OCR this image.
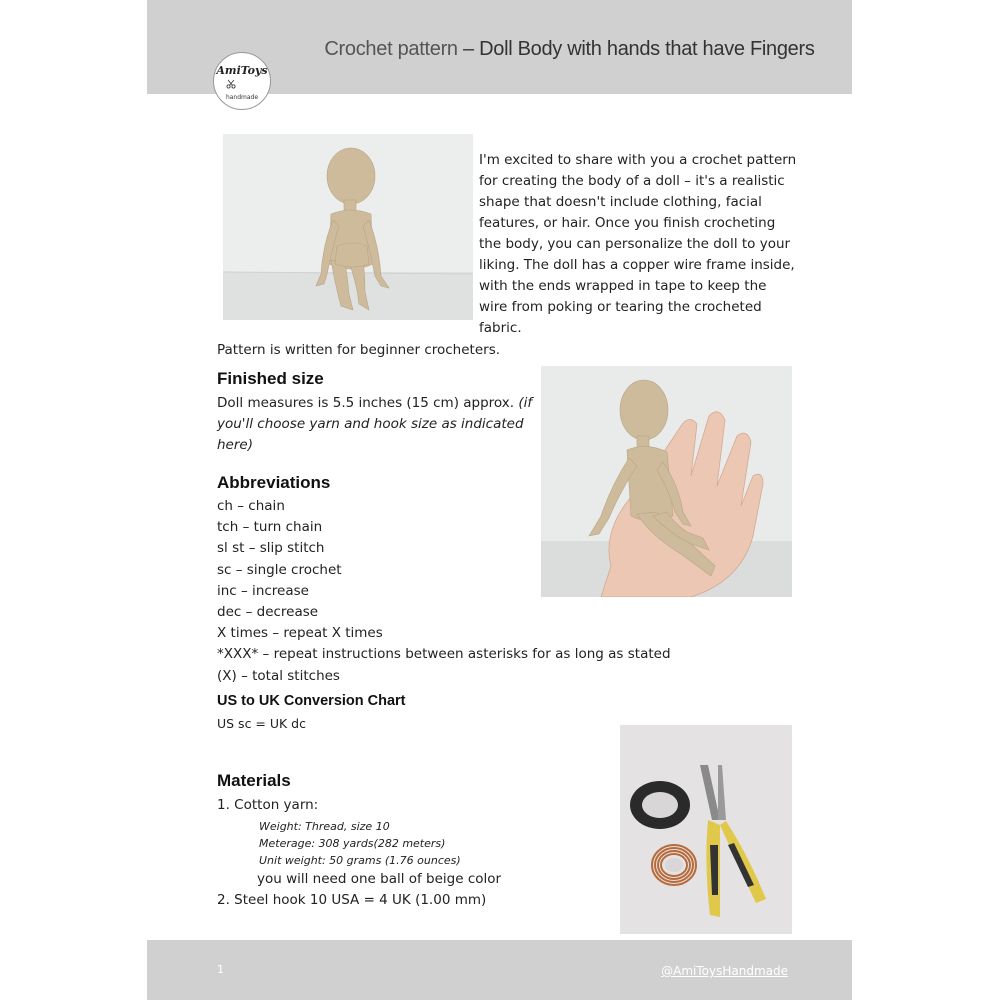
Crochet pattern – Doll Body with hands that have Fingers
AmiToys
handmade
I'm excited to share with you a crochet pattern for creating the body of a doll – it's a realistic shape that doesn't include clothing, facial features, or hair. Once you finish crocheting the body, you can personalize the doll to your liking. The doll has a copper wire frame inside, with the ends wrapped in tape to keep the wire from poking or tearing the crocheted fabric.
Pattern is written for beginner crocheters.
Finished size
Doll measures is 5.5 inches (15 cm) approx. (if you'll choose yarn and hook size as indicated here)
Abbreviations
ch – chain
tch – turn chain
sl st – slip stitch
sc – single crochet
inc – increase
dec – decrease
X times – repeat X times
*XXX* – repeat instructions between asterisks for as long as stated
(X) – total stitches
US to UK Conversion Chart
US sc = UK dc
Materials
1. Cotton yarn:
Weight: Thread, size 10
Meterage: 308 yards(282 meters)
Unit weight: 50 grams (1.76 ounces)
you will need one ball of beige color
2. Steel hook 10 USA = 4 UK (1.00 mm)
1	@AmiToysHandmade
